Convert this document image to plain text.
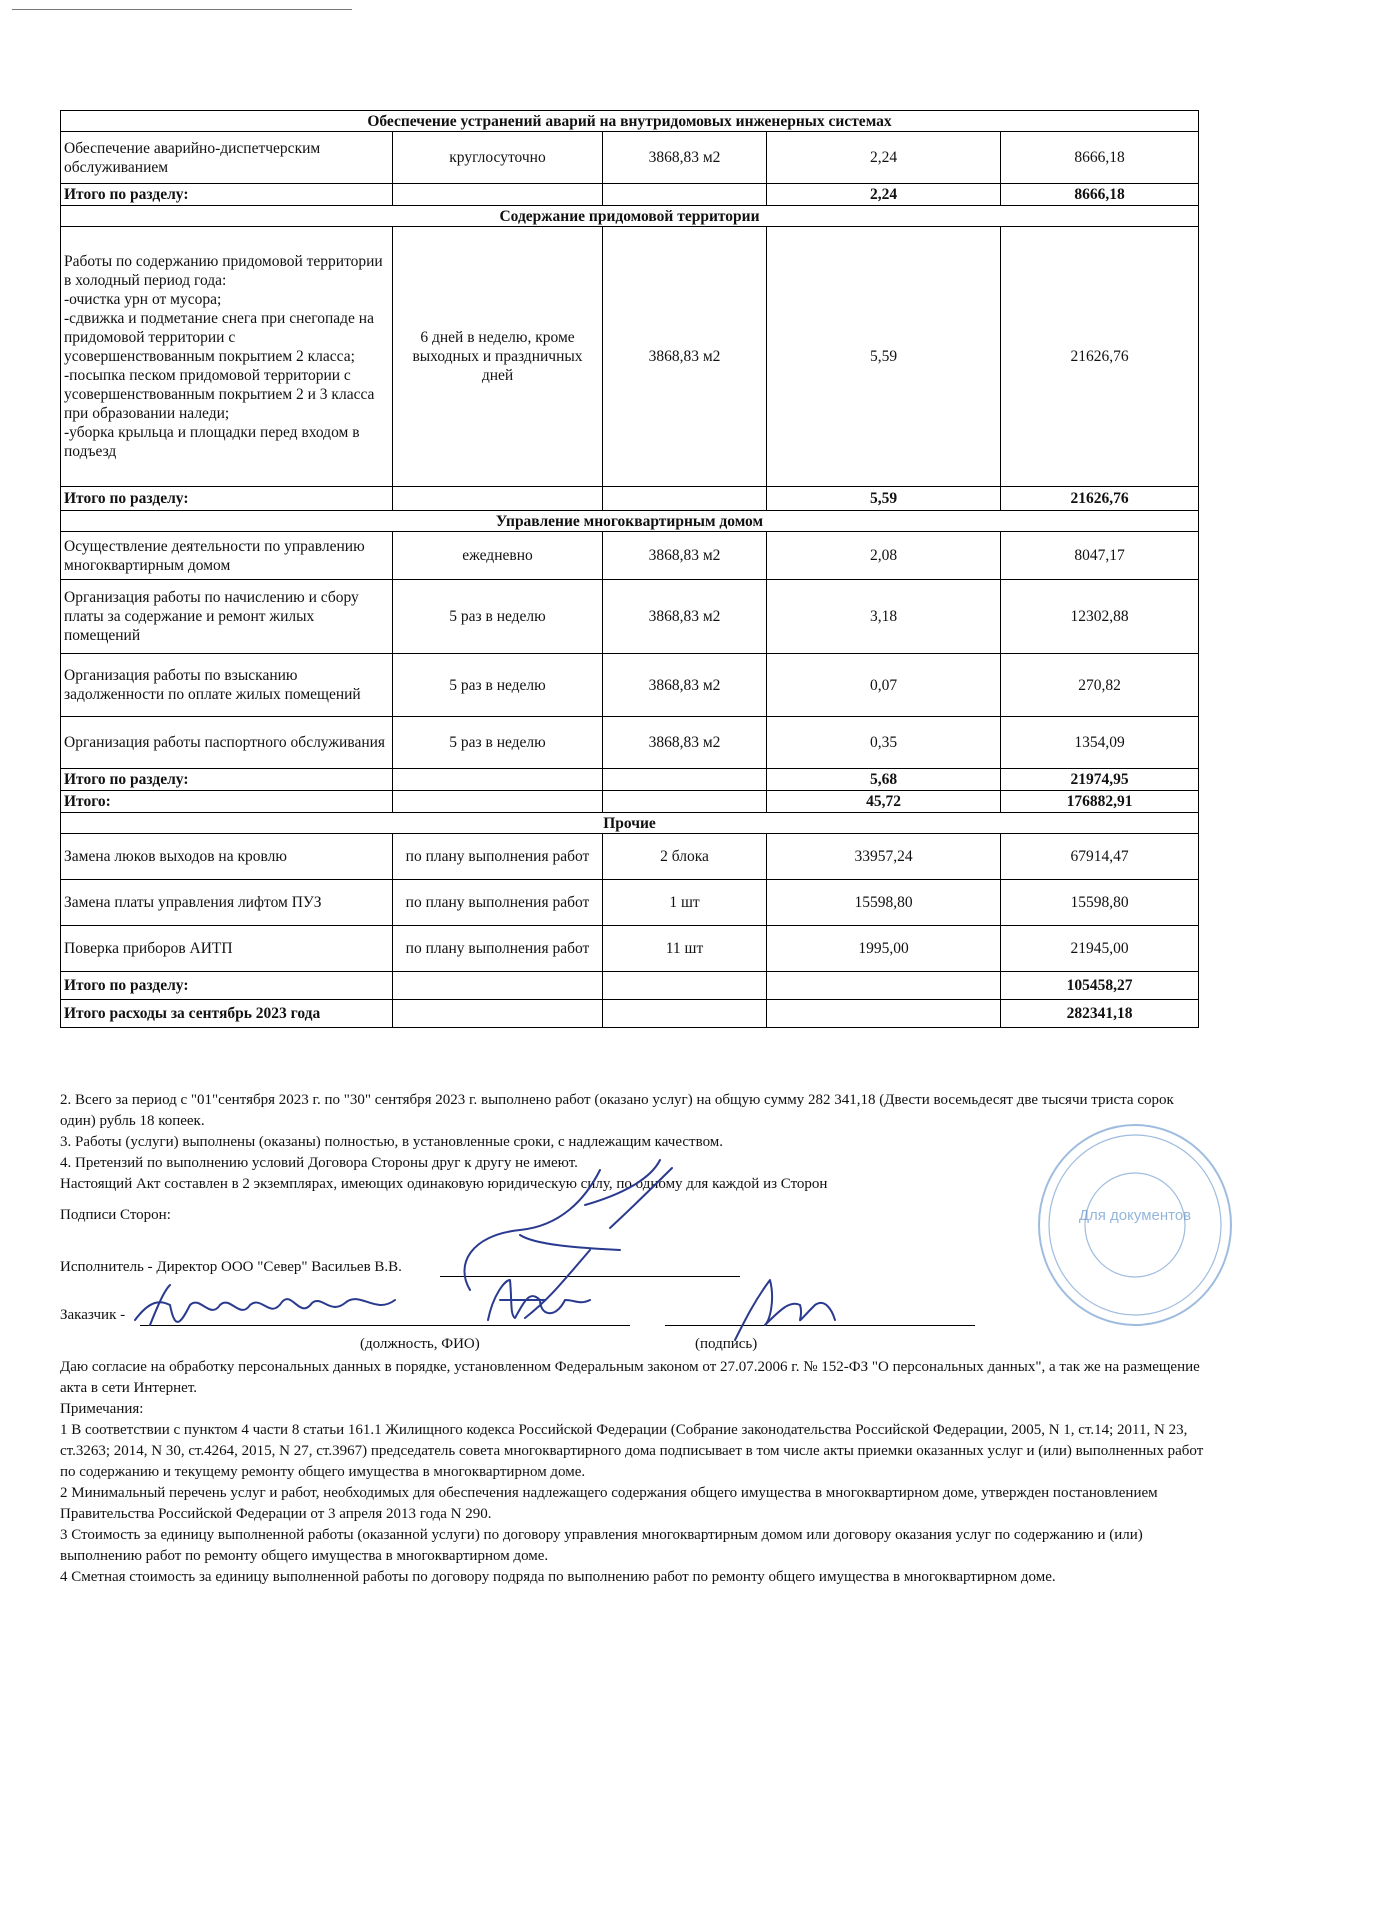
Обеспечение устранений аварий на внутридомовых инженерных системах				
Обеспечение аварийно-диспетчерским обслуживанием	круглосуточно	3868,83 м2	2,24	8666,18
Итого по разделу:			2,24	8666,18
Содержание придомовой территории				
Работы по содержанию придомовой территории в холодный период года:
-очистка урн от мусора;
-сдвижка и подметание снега при снегопаде на придомовой территории с усовершенствованным покрытием 2 класса;
-посыпка песком придомовой территории с усовершенствованным покрытием 2 и 3 класса при образовании наледи;
-уборка крыльца и площадки перед входом в подъезд	6 дней в неделю, кроме выходных и праздничных дней	3868,83 м2	5,59	21626,76
Итого по разделу:			5,59	21626,76
Управление многоквартирным домом				
Осуществление деятельности по управлению многоквартирным домом	ежедневно	3868,83 м2	2,08	8047,17
Организация работы по начислению и сбору платы за содержание и ремонт жилых помещений	5 раз в неделю	3868,83 м2	3,18	12302,88
Организация работы по взысканию задолженности по оплате жилых помещений	5 раз в неделю	3868,83 м2	0,07	270,82
Организация работы паспортного обслуживания	5 раз в неделю	3868,83 м2	0,35	1354,09
Итого по разделу:			5,68	21974,95
Итого:			45,72	176882,91
Прочие				
Замена люков выходов на кровлю	по плану выполнения работ	2 блока	33957,24	67914,47
Замена платы управления лифтом ПУЗ	по плану выполнения работ	1 шт	15598,80	15598,80
Поверка приборов АИТП	по плану выполнения работ	11 шт	1995,00	21945,00
Итого по разделу:				105458,27
Итого расходы за сентябрь 2023 года				282341,18
2. Всего за период с "01"сентября 2023 г. по "30" сентября 2023 г. выполнено работ (оказано услуг) на общую сумму 282 341,18 (Двести восемьдесят две тысячи триста сорок один) рубль 18 копеек.
3. Работы (услуги) выполнены (оказаны) полностью, в установленные сроки, с надлежащим качеством.
4. Претензий по выполнению условий Договора Стороны друг к другу не имеют.
Настоящий Акт составлен в 2 экземплярах, имеющих одинаковую юридическую силу, по одному для каждой из Сторон
Для документов
Подписи Сторон:
Исполнитель - Директор ООО "Север" Васильев В.В.
Заказчик -
(должность, ФИО)	(подпись)
Даю согласие на обработку персональных данных в порядке, установленном Федеральным законом от 27.07.2006 г. № 152-ФЗ "О персональных данных", а так же на размещение акта в сети Интернет.
Примечания:
1 В соответствии с пунктом 4 части 8 статьи 161.1 Жилищного кодекса Российской Федерации (Собрание законодательства Российской Федерации, 2005, N 1, ст.14; 2011, N 23, ст.3263; 2014, N 30, ст.4264, 2015, N 27, ст.3967) председатель совета многоквартирного дома подписывает в том числе акты приемки оказанных услуг и (или) выполненных работ по содержанию и текущему ремонту общего имущества в многоквартирном доме.
2 Минимальный перечень услуг и работ, необходимых для обеспечения надлежащего содержания общего имущества в многоквартирном доме, утвержден постановлением Правительства Российской Федерации от 3 апреля 2013 года N 290.
3 Стоимость за единицу выполненной работы (оказанной услуги) по договору управления многоквартирным домом или договору оказания услуг по содержанию и (или) выполнению работ по ремонту общего имущества в многоквартирном доме.
4 Сметная стоимость за единицу выполненной работы по договору подряда по выполнению работ по ремонту общего имущества в многоквартирном доме.
